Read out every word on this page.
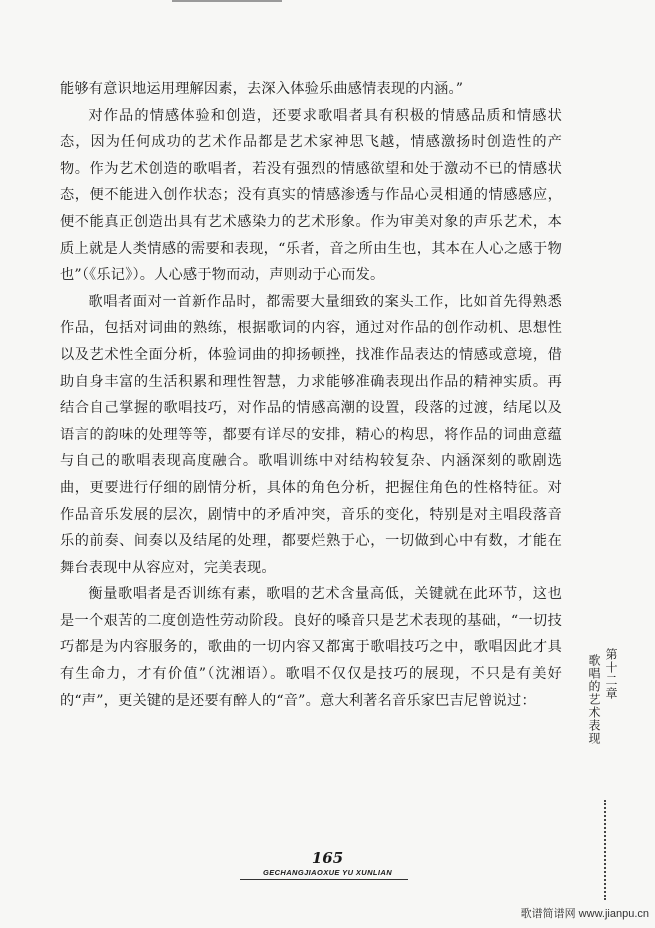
能够有意识地运用理解因素，去深入体验乐曲感情表现的内涵。”

对作品的情感体验和创造，还要求歌唱者具有积极的情感品质和情感状态，因为任何成功的艺术作品都是艺术家神思飞越，情感激扬时创造性的产物。作为艺术创造的歌唱者，若没有强烈的情感欲望和处于激动不已的情感状态，便不能进入创作状态；没有真实的情感渗透与作品心灵相通的情感感应，便不能真正创造出具有艺术感染力的艺术形象。作为审美对象的声乐艺术，本质上就是人类情感的需要和表现，“乐者，音之所由生也，其本在人心之感于物也”（《乐记》）。人心感于物而动，声则动于心而发。

歌唱者面对一首新作品时，都需要大量细致的案头工作，比如首先得熟悉作品，包括对词曲的熟练，根据歌词的内容，通过对作品的创作动机、思想性以及艺术性全面分析，体验词曲的抑扬顿挫，找准作品表达的情感或意境，借助自身丰富的生活积累和理性智慧，力求能够准确表现出作品的精神实质。再结合自己掌握的歌唱技巧，对作品的情感高潮的设置，段落的过渡，结尾以及语言的韵味的处理等等，都要有详尽的安排，精心的构思，将作品的词曲意蕴与自己的歌唱表现高度融合。歌唱训练中对结构较复杂、内涵深刻的歌剧选曲，更要进行仔细的剧情分析，具体的角色分析，把握住角色的性格特征。对作品音乐发展的层次，剧情中的矛盾冲突，音乐的变化，特别是对主唱段落音乐的前奏、间奏以及结尾的处理，都要烂熟于心，一切做到心中有数，才能在舞台表现中从容应对，完美表现。

衡量歌唱者是否训练有素，歌唱的艺术含量高低，关键就在此环节，这也是一个艰苦的二度创造性劳动阶段。良好的嗓音只是艺术表现的基础，“一切技巧都是为内容服务的，歌曲的一切内容又都寓于歌唱技巧之中，歌唱因此才具有生命力，才有价值”（沈湘语）。歌唱不仅仅是技巧的展现，不只是有美好的“声”，更关键的是还要有醉人的“音”。意大利著名音乐家巴吉尼曾说过：

165
GECHANGJIAOXUE YU XUNLIAN
第十二章
歌唱的艺术表现
歌谱简谱网 www.jianpu.cn
